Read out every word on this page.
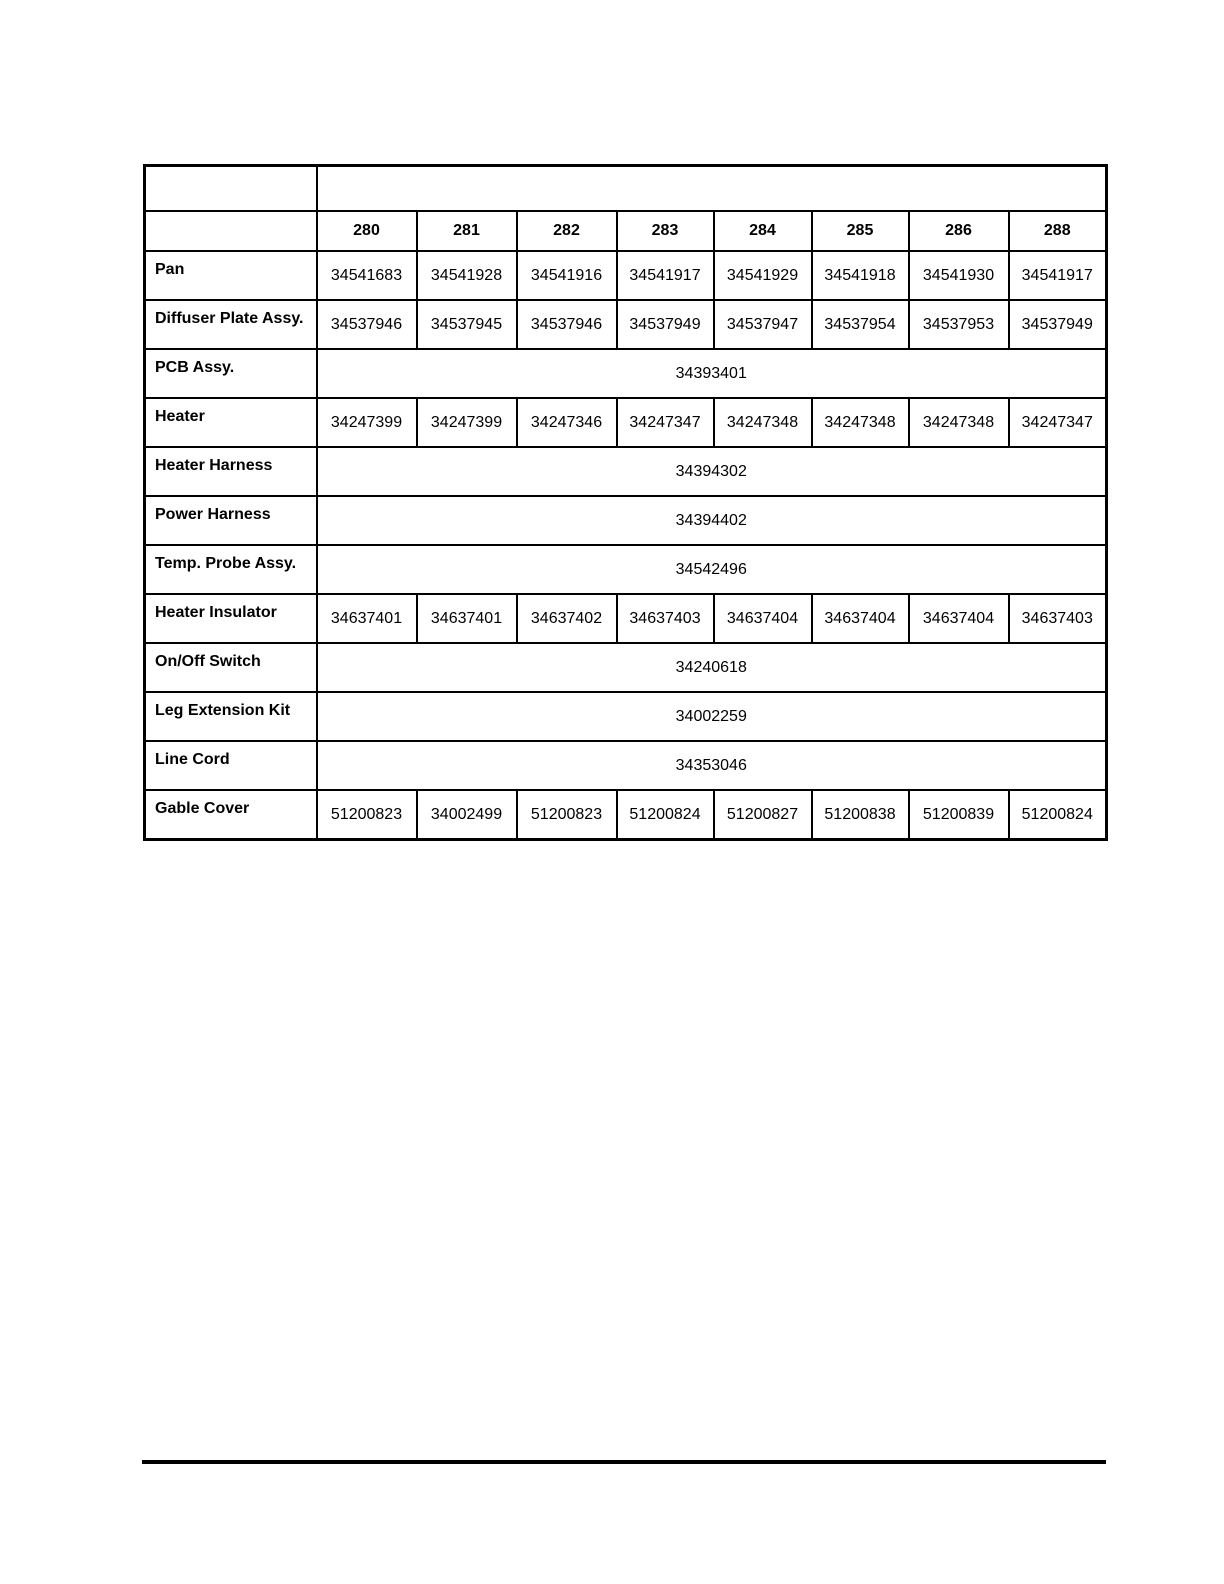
	280	281	282	283	284	285	286	288
Pan	34541683	34541928	34541916	34541917	34541929	34541918	34541930	34541917
Diffuser Plate Assy.	34537946	34537945	34537946	34537949	34537947	34537954	34537953	34537949
PCB Assy.	34393401							
Heater	34247399	34247399	34247346	34247347	34247348	34247348	34247348	34247347
Heater Harness	34394302							
Power Harness	34394402							
Temp. Probe Assy.	34542496							
Heater Insulator	34637401	34637401	34637402	34637403	34637404	34637404	34637404	34637403
On/Off Switch	34240618							
Leg Extension Kit	34002259							
Line Cord	34353046							
Gable Cover	51200823	34002499	51200823	51200824	51200827	51200838	51200839	51200824
